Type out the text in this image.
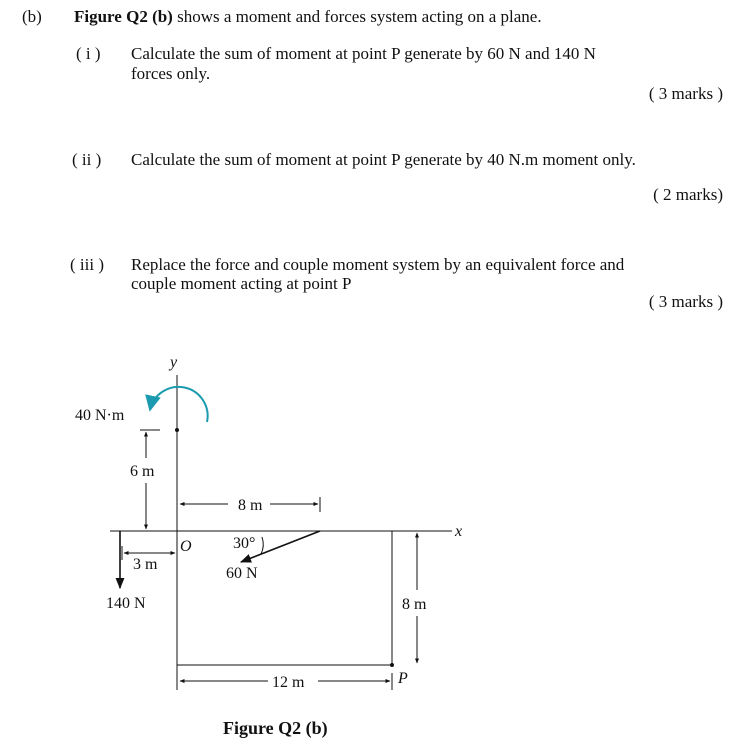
(b) Figure Q2 (b) shows a moment and forces system acting on a plane.
( i ) Calculate the sum of moment at point P generate by 60 N and 140 N
forces only.
( 3 marks )
( ii ) Calculate the sum of moment at point P generate by 40 N.m moment only.
( 2 marks)
( iii ) Replace the force and couple moment system by an equivalent force and
couple moment acting at point P
( 3 marks )
y
x
O
40 N·m
6 m
8 m
30°
60 N
3 m
140 N	8 m
12 m	P
Figure Q2 (b)
